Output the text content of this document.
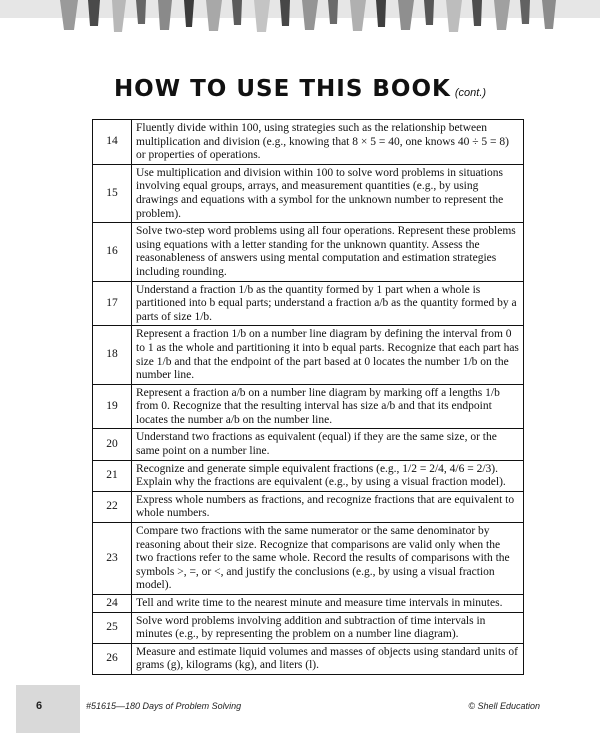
HOW TO USE THIS BOOK (cont.)
14	Fluently divide within 100, using strategies such as the relationship between multiplication and division (e.g., knowing that 8 × 5 = 40, one knows 40 ÷ 5 = 8) or properties of operations.
15	Use multiplication and division within 100 to solve word problems in situations involving equal groups, arrays, and measurement quantities (e.g., by using drawings and equations with a symbol for the unknown number to represent the problem).
16	Solve two-step word problems using all four operations. Represent these problems using equations with a letter standing for the unknown quantity. Assess the reasonableness of answers using mental computation and estimation strategies including rounding.
17	Understand a fraction 1/b as the quantity formed by 1 part when a whole is partitioned into b equal parts; understand a fraction a/b as the quantity formed by a parts of size 1/b.
18	Represent a fraction 1/b on a number line diagram by defining the interval from 0 to 1 as the whole and partitioning it into b equal parts. Recognize that each part has size 1/b and that the endpoint of the part based at 0 locates the number 1/b on the number line.
19	Represent a fraction a/b on a number line diagram by marking off a lengths 1/b from 0. Recognize that the resulting interval has size a/b and that its endpoint locates the number a/b on the number line.
20	Understand two fractions as equivalent (equal) if they are the same size, or the same point on a number line.
21	Recognize and generate simple equivalent fractions (e.g., 1/2 = 2/4, 4/6 = 2/3). Explain why the fractions are equivalent (e.g., by using a visual fraction model).
22	Express whole numbers as fractions, and recognize fractions that are equivalent to whole numbers.
23	Compare two fractions with the same numerator or the same denominator by reasoning about their size. Recognize that comparisons are valid only when the two fractions refer to the same whole. Record the results of comparisons with the symbols >, =, or <, and justify the conclusions (e.g., by using a visual fraction model).
24	Tell and write time to the nearest minute and measure time intervals in minutes.
25	Solve word problems involving addition and subtraction of time intervals in minutes (e.g., by representing the problem on a number line diagram).
26	Measure and estimate liquid volumes and masses of objects using standard units of grams (g), kilograms (kg), and liters (l).
6	#51615—180 Days of Problem Solving	© Shell Education
